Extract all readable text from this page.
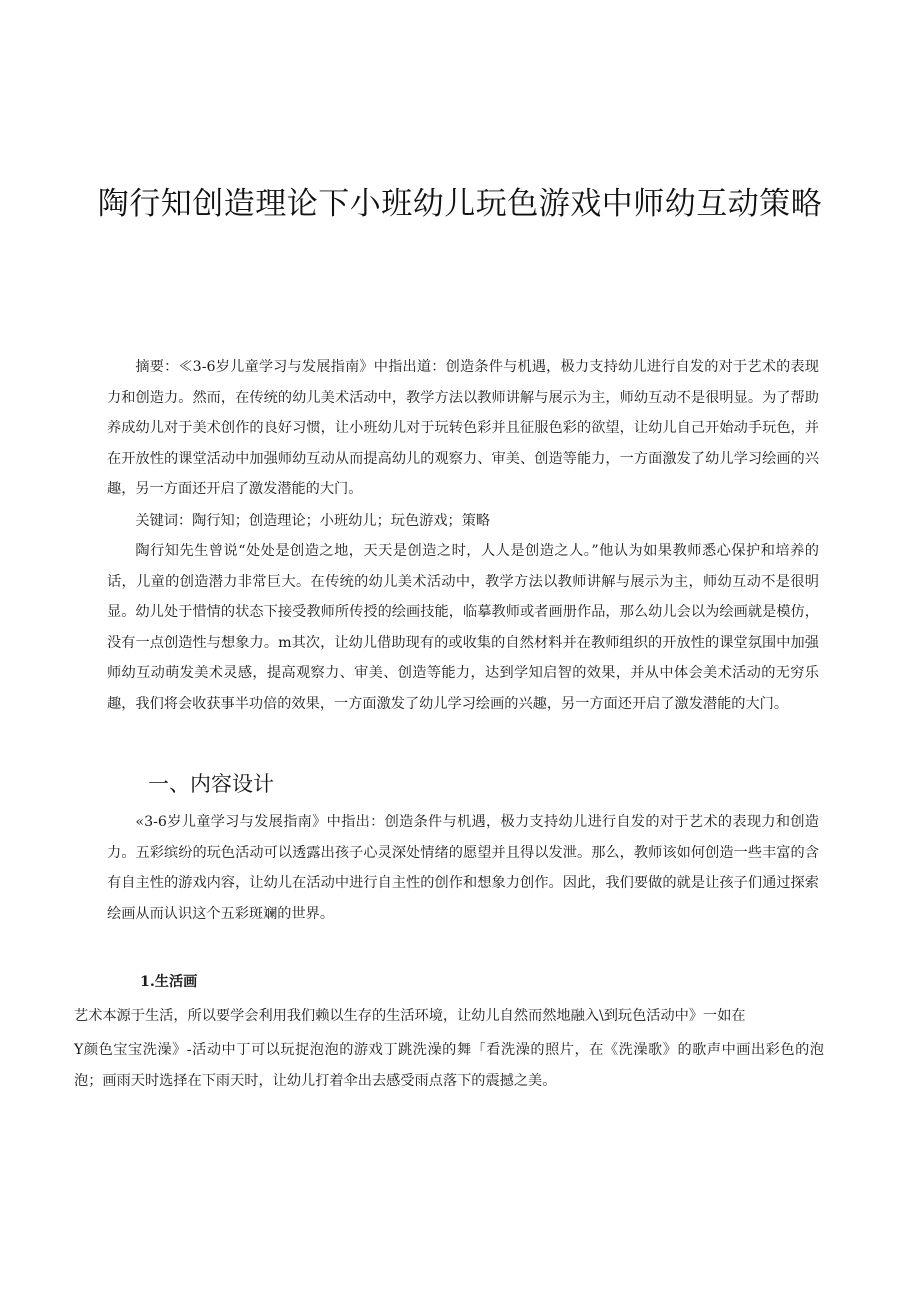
陶行知创造理论下小班幼儿玩色游戏中师幼互动策略

摘要：≪3-6岁儿童学习与发展指南》中指出道：创造条件与机遇，极力支持幼儿进行自发的对于艺术的表现力和创造力。然而，在传统的幼儿美术活动中，教学方法以教师讲解与展示为主，师幼互动不是很明显。为了帮助养成幼儿对于美术创作的良好习惯，让小班幼儿对于玩转色彩并且征服色彩的欲望，让幼儿自己开始动手玩色，并在开放性的课堂活动中加强师幼互动从而提高幼儿的观察力、审美、创造等能力，一方面激发了幼儿学习绘画的兴趣，另一方面还开启了激发潜能的大门。

关键词：陶行知；创造理论；小班幼儿；玩色游戏；策略

陶行知先生曾说“处处是创造之地，天天是创造之时，人人是创造之人。”他认为如果教师悉心保护和培养的话，儿童的创造潜力非常巨大。在传统的幼儿美术活动中，教学方法以教师讲解与展示为主，师幼互动不是很明显。幼儿处于惜情的状态下接受教师所传授的绘画技能，临摹教师或者画册作品，那么幼儿会以为绘画就是模仿，没有一点创造性与想象力。m其次，让幼儿借助现有的或收集的自然材料并在教师组织的开放性的课堂氛围中加强师幼互动萌发美术灵感，提高观察力、审美、创造等能力，达到学知启智的效果，并从中体会美术活动的无穷乐趣，我们将会收获事半功倍的效果，一方面激发了幼儿学习绘画的兴趣，另一方面还开启了激发潜能的大门。

一、内容设计

«3-6岁儿童学习与发展指南》中指出：创造条件与机遇，极力支持幼儿进行自发的对于艺术的表现力和创造力。五彩缤纷的玩色活动可以透露出孩子心灵深处情绪的愿望并且得以发泄。那么，教师该如何创造一些丰富的含有自主性的游戏内容，让幼儿在活动中进行自主性的创作和想象力创作。因此，我们要做的就是让孩子们通过探索绘画从而认识这个五彩斑斓的世界。

1.生活画

艺术本源于生活，所以要学会利用我们赖以生存的生活环境，让幼儿自然而然地融入\到玩色活动中》一如在

Y颜色宝宝洗澡》-活动中丁可以玩捉泡泡的游戏丁跳洗澡的舞「看洗澡的照片，在《洗澡歌》的歌声中画出彩色的泡泡；画雨天时选择在下雨天时，让幼儿打着伞出去感受雨点落下的震撼之美。
